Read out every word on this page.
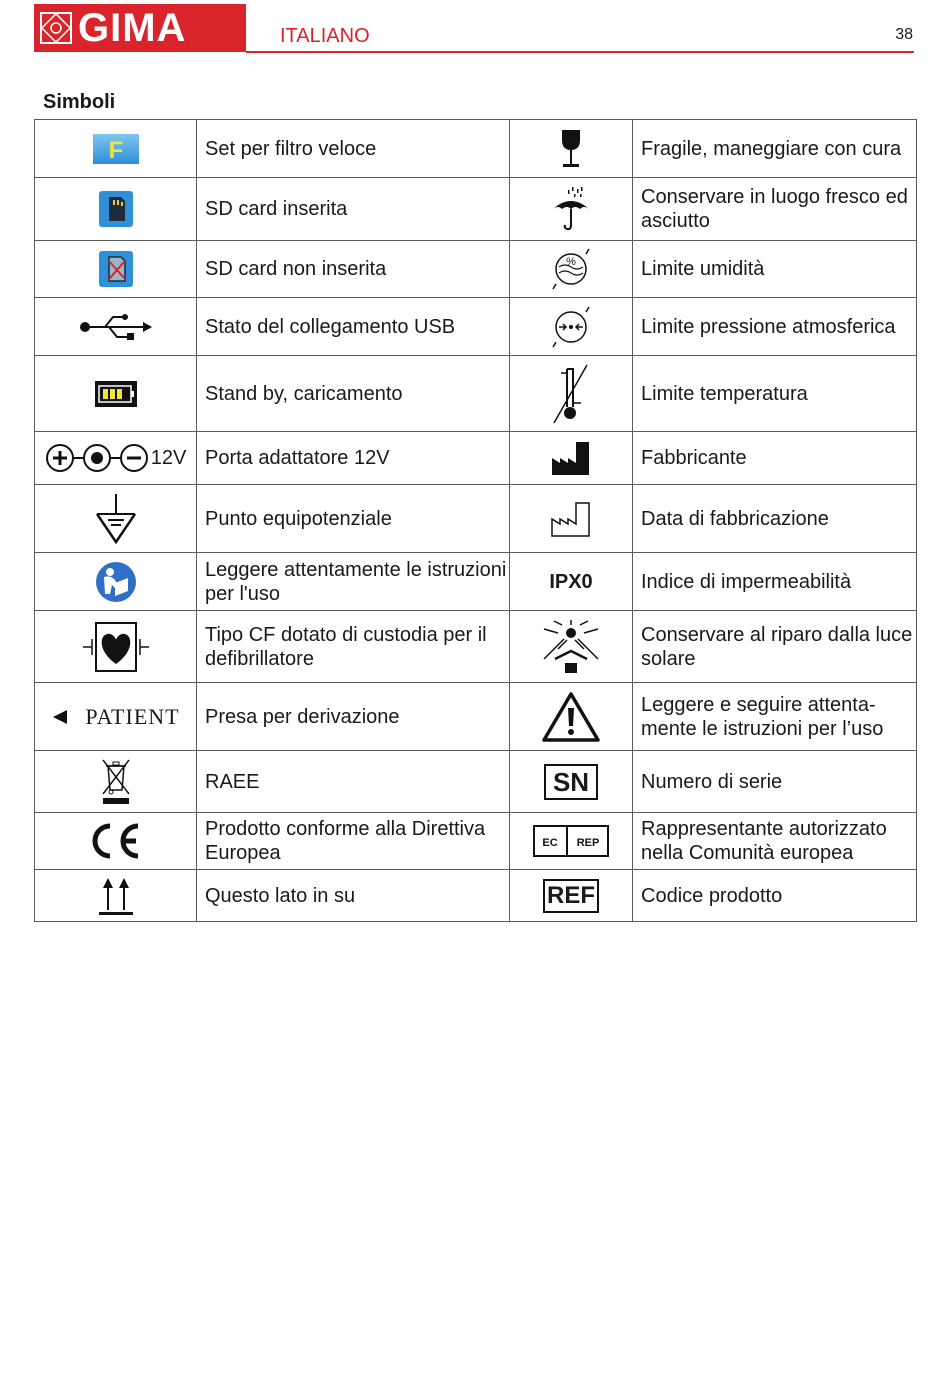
GIMA	ITALIANO	38
Simboli
F	Set per filtro veloce		Fragile, maneggiare con cura

	SD card inserita		Conservare in luogo fresco ed asciutto

	SD card non inserita	%	Limite umidità

	Stato del collegamento USB		Limite pressione atmosferica

	Stand by, caricamento		Limite temperatura

12V	Porta adattatore 12V		Fabbricante

	Punto equipotenziale		Data di fabbricazione

	Leggere attentamente le istruzioni per l'uso	IPX0	Indice di impermeabilità

	Tipo CF dotato di custodia per il defibrillatore		Conservare al riparo dalla luce solare

PATIENT	Presa per derivazione		Leggere e seguire attenta-mente le istruzioni per l’uso

	RAEE	SN	Numero di serie

	Prodotto conforme alla Direttiva Europea	EC REP	Rappresentante autorizzato nella Comunità europea

	Questo lato in su	REF	Codice prodotto
